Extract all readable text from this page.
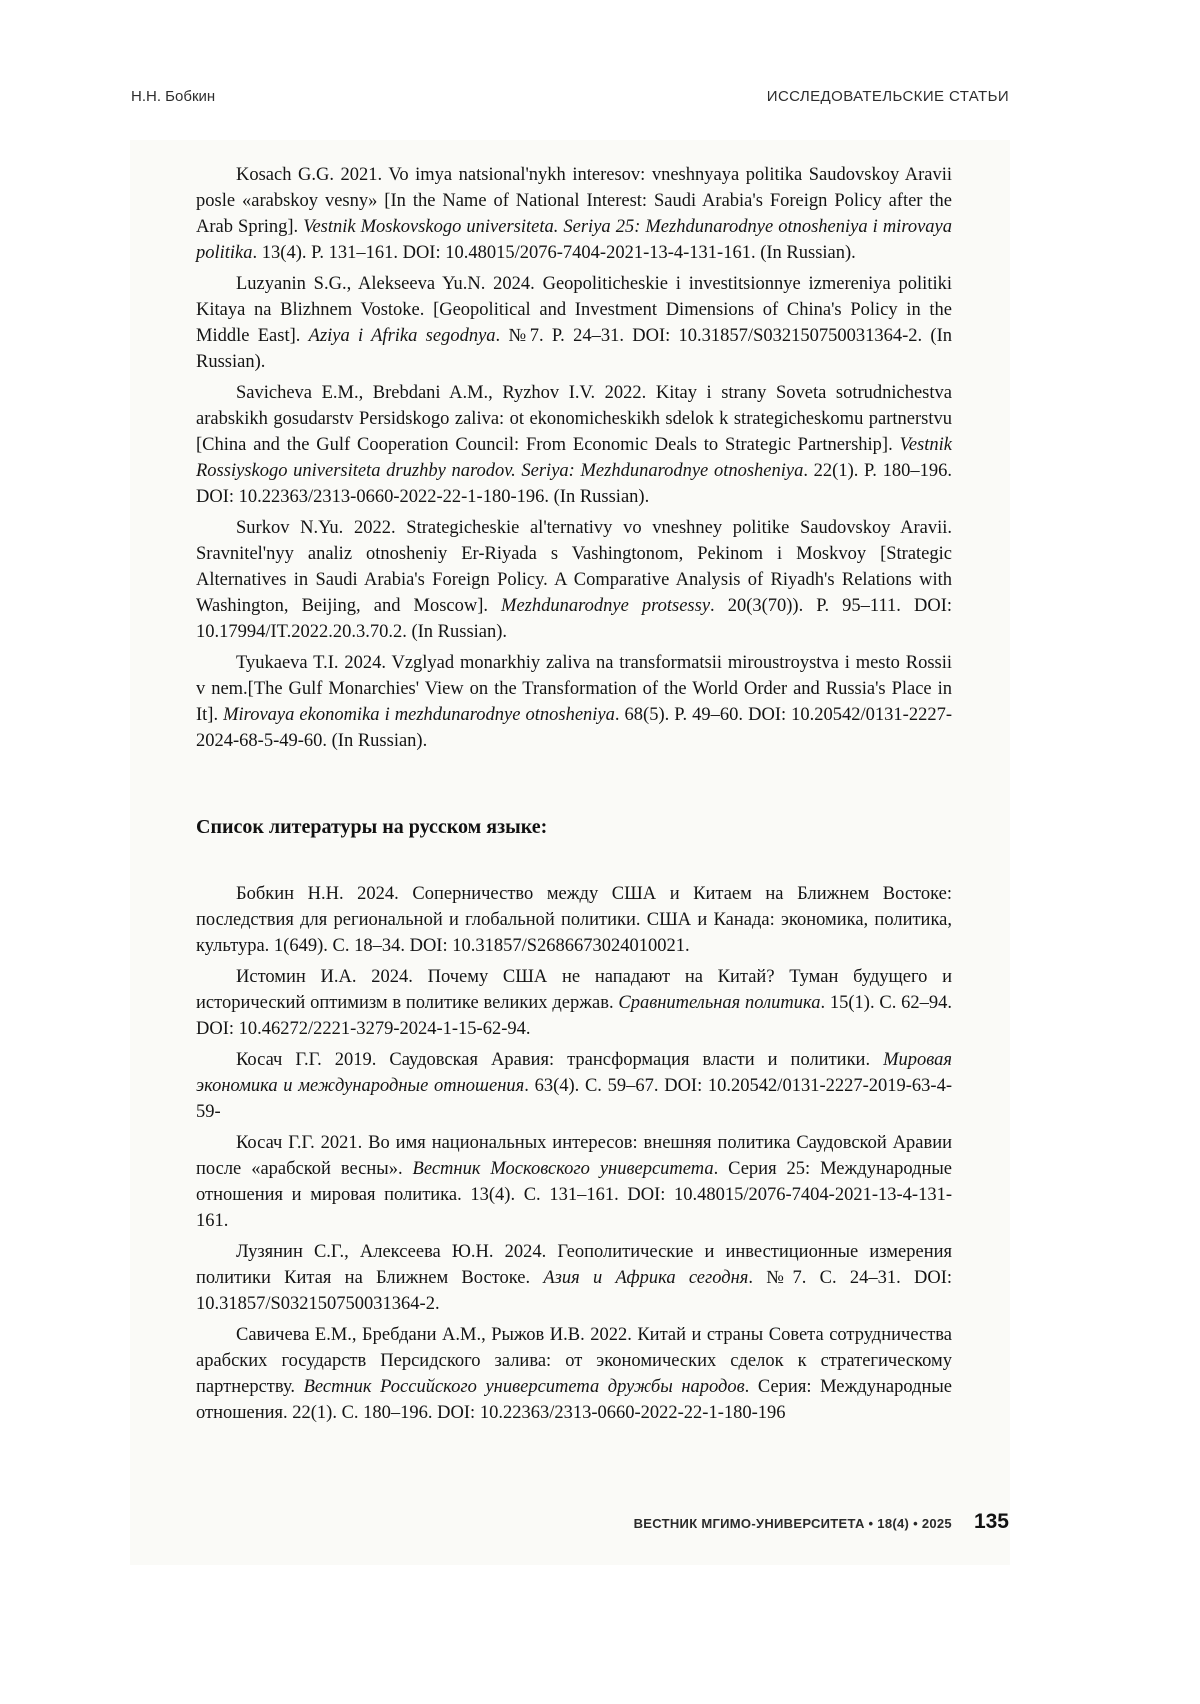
Н.Н. Бобкин	ИССЛЕДОВАТЕЛЬСКИЕ СТАТЬИ

Kosach G.G. 2021. Vo imya natsional'nykh interesov: vneshnyaya politika Saudovskoy Aravii posle «arabskoy vesny» [In the Name of National Interest: Saudi Arabia's Foreign Policy after the Arab Spring]. Vestnik Moskovskogo universiteta. Seriya 25: Mezhdunarodnye otnosheniya i mirovaya politika. 13(4). P. 131–161. DOI: 10.48015/2076-7404-2021-13-4-131-161. (In Russian).

Luzyanin S.G., Alekseeva Yu.N. 2024. Geopoliticheskie i investitsionnye izmereniya politiki Kitaya na Blizhnem Vostoke. [Geopolitical and Investment Dimensions of China's Policy in the Middle East]. Aziya i Afrika segodnya. №7. P. 24–31. DOI: 10.31857/S032150750031364-2. (In Russian).

Savicheva E.M., Brebdani A.M., Ryzhov I.V. 2022. Kitay i strany Soveta sotrudnichestva arabskikh gosudarstv Persidskogo zaliva: ot ekonomicheskikh sdelok k strategicheskomu partnerstvu [China and the Gulf Cooperation Council: From Economic Deals to Strategic Partnership]. Vestnik Rossiyskogo universiteta druzhby narodov. Seriya: Mezhdunarodnye otnosheniya. 22(1). P. 180–196. DOI: 10.22363/2313-0660-2022-22-1-180-196. (In Russian).

Surkov N.Yu. 2022. Strategicheskie al'ternativy vo vneshney politike Saudovskoy Aravii. Sravnitel'nyy analiz otnosheniy Er-Riyada s Vashingtonom, Pekinom i Moskvoy [Strategic Alternatives in Saudi Arabia's Foreign Policy. A Comparative Analysis of Riyadh's Relations with Washington, Beijing, and Moscow]. Mezhdunarodnye protsessy. 20(3(70)). P. 95–111. DOI: 10.17994/IT.2022.20.3.70.2. (In Russian).

Tyukaeva T.I. 2024. Vzglyad monarkhiy zaliva na transformatsii miroustroystva i mesto Rossii v nem.[The Gulf Monarchies' View on the Transformation of the World Order and Russia's Place in It]. Mirovaya ekonomika i mezhdunarodnye otnosheniya. 68(5). P. 49–60. DOI: 10.20542/0131-2227-2024-68-5-49-60. (In Russian).

Список литературы на русском языке:

Бобкин Н.Н. 2024. Соперничество между США и Китаем на Ближнем Востоке: последствия для региональной и глобальной политики. США и Канада: экономика, политика, культура. 1(649). С. 18–34. DOI: 10.31857/S2686673024010021.

Истомин И.А. 2024. Почему США не нападают на Китай? Туман будущего и исторический оптимизм в политике великих держав. Сравнительная политика. 15(1). С. 62–94. DOI: 10.46272/2221-3279-2024-1-15-62-94.

Косач Г.Г. 2019. Саудовская Аравия: трансформация власти и политики. Мировая экономика и международные отношения. 63(4). С. 59–67. DOI: 10.20542/0131-2227-2019-63-4-59-

Косач Г.Г. 2021. Во имя национальных интересов: внешняя политика Саудовской Аравии после «арабской весны». Вестник Московского университета. Серия 25: Международные отношения и мировая политика. 13(4). С. 131–161. DOI: 10.48015/2076-7404-2021-13-4-131-161.

Лузянин С.Г., Алексеева Ю.Н. 2024. Геополитические и инвестиционные измерения политики Китая на Ближнем Востоке. Азия и Африка сегодня. №7. С. 24–31. DOI: 10.31857/S032150750031364-2.

Савичева Е.М., Бребдани А.М., Рыжов И.В. 2022. Китай и страны Совета сотрудничества арабских государств Персидского залива: от экономических сделок к стратегическому партнерству. Вестник Российского университета дружбы народов. Серия: Международные отношения. 22(1). С. 180–196. DOI: 10.22363/2313-0660-2022-22-1-180-196

ВЕСТНИК МГИМО-УНИВЕРСИТЕТА • 18(4) • 2025 135
